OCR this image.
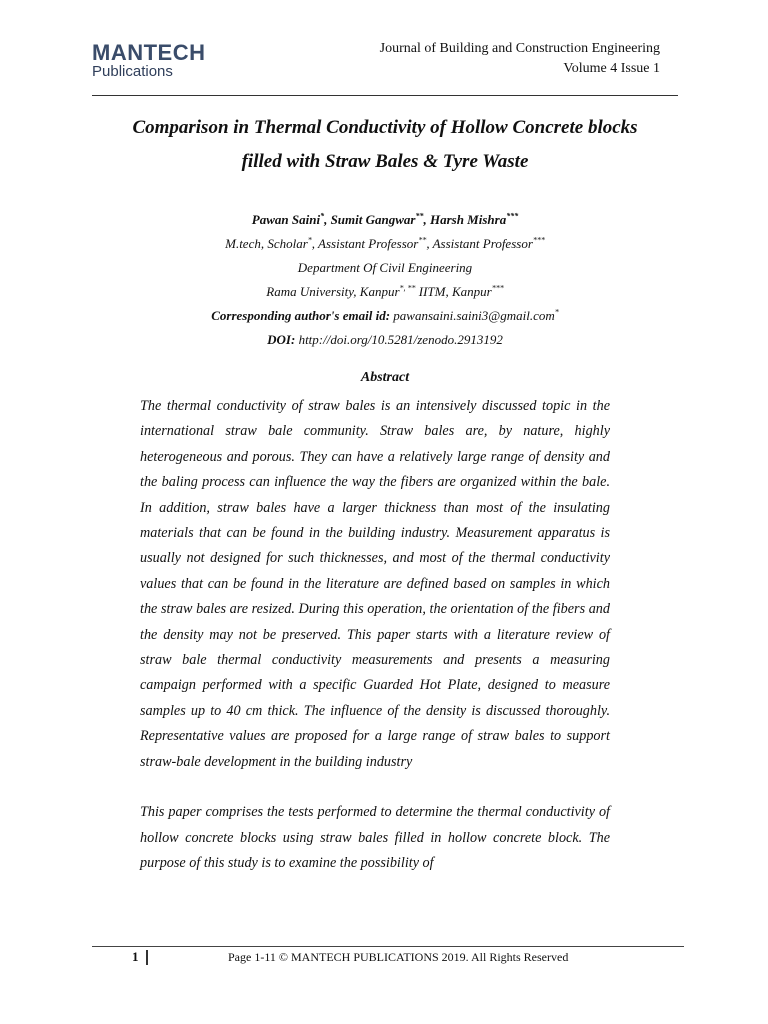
MANTECH
Publications
Journal of Building and Construction Engineering
Volume 4 Issue 1
Comparison in Thermal Conductivity of Hollow Concrete blocks
filled with Straw Bales & Tyre Waste
Pawan Saini*, Sumit Gangwar**, Harsh Mishra***
M.tech, Scholar*, Assistant Professor**, Assistant Professor***
Department Of Civil Engineering
Rama University, Kanpur*, ** IITM, Kanpur***
Corresponding author's email id: pawansaini.saini3@gmail.com*
DOI: http://doi.org/10.5281/zenodo.2913192
Abstract

The thermal conductivity of straw bales is an intensively discussed topic in the international straw bale community. Straw bales are, by nature, highly heterogeneous and porous. They can have a relatively large range of density and the baling process can influence the way the fibers are organized within the bale. In addition, straw bales have a larger thickness than most of the insulating materials that can be found in the building industry. Measurement apparatus is usually not designed for such thicknesses, and most of the thermal conductivity values that can be found in the literature are defined based on samples in which the straw bales are resized. During this operation, the orientation of the fibers and the density may not be preserved. This paper starts with a literature review of straw bale thermal conductivity measurements and presents a measuring campaign performed with a specific Guarded Hot Plate, designed to measure samples up to 40 cm thick. The influence of the density is discussed thoroughly. Representative values are proposed for a large range of straw bales to support straw-bale development in the building industry

This paper comprises the tests performed to determine the thermal conductivity of hollow concrete blocks using straw bales filled in hollow concrete block. The purpose of this study is to examine the possibility of

1	Page 1-11 © MANTECH PUBLICATIONS 2019. All Rights Reserved
